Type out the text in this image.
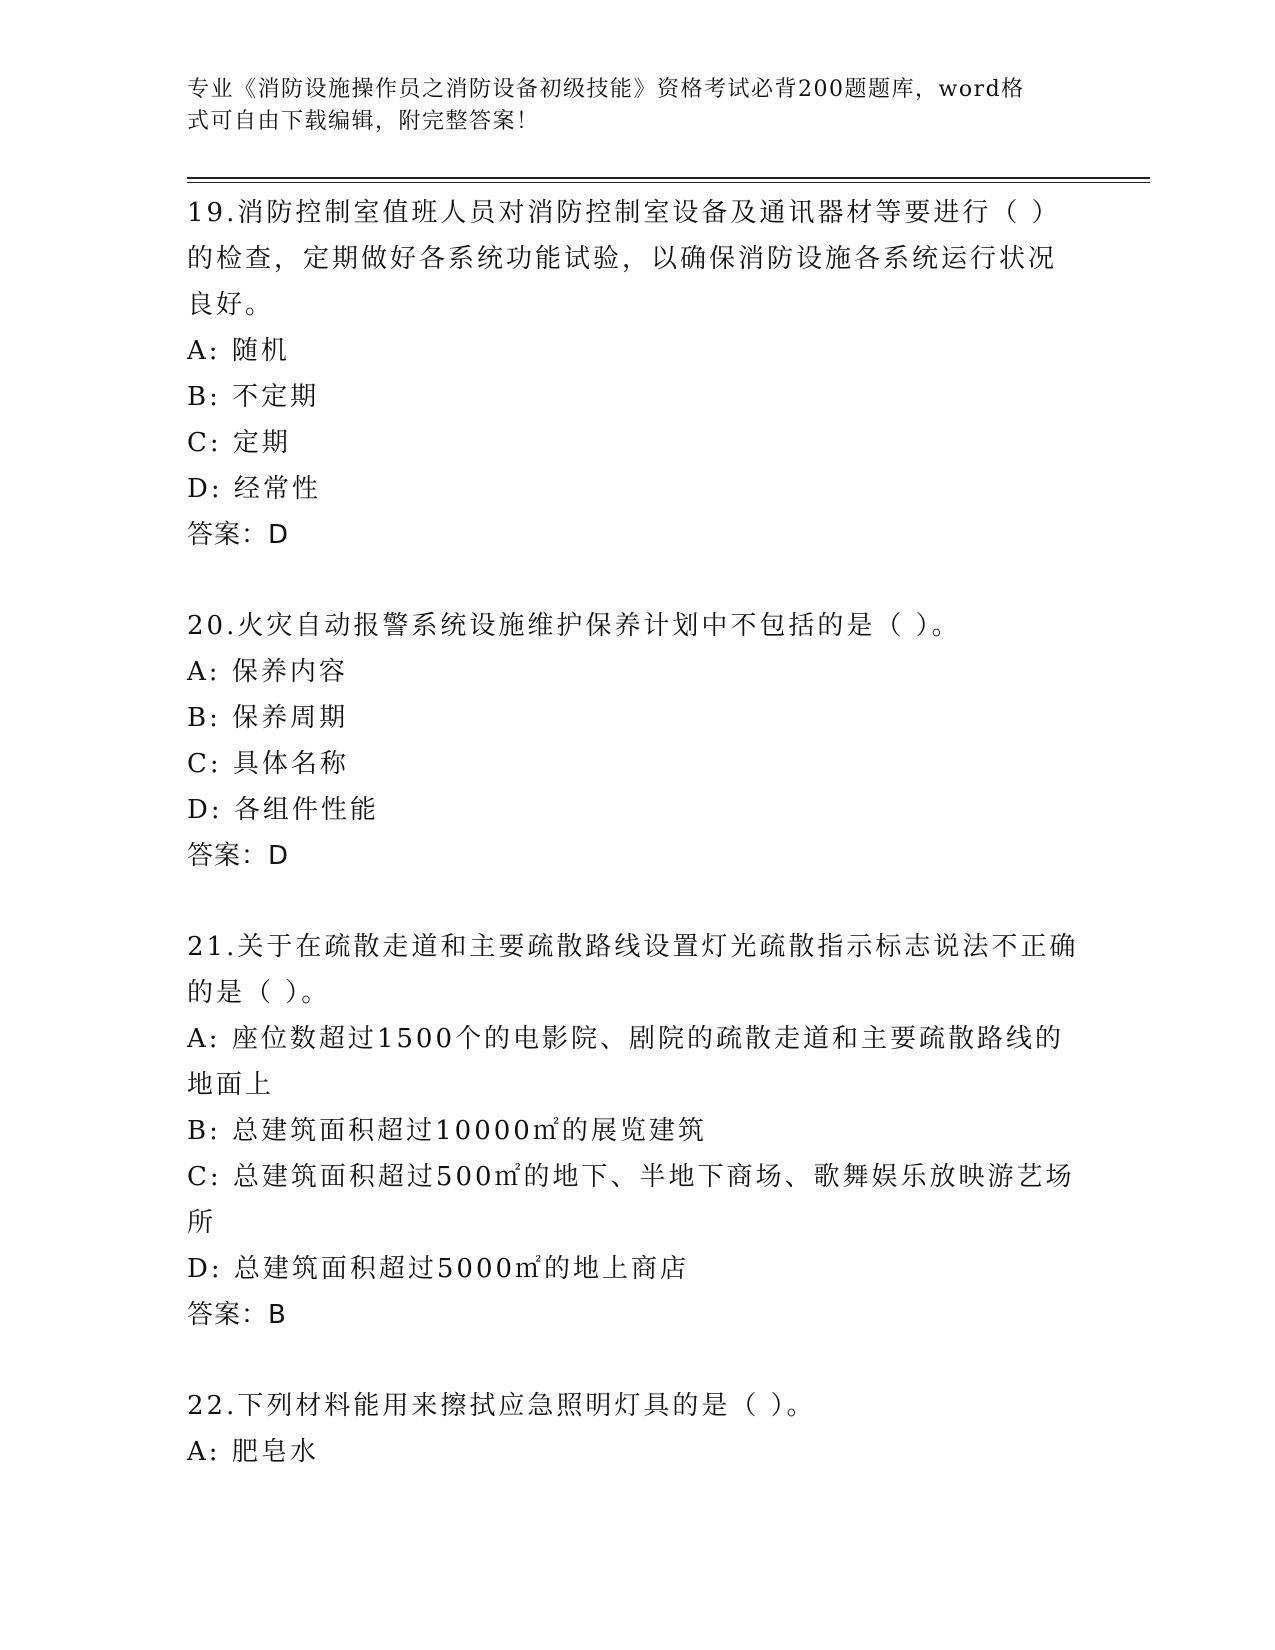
专业《消防设施操作员之消防设备初级技能》资格考试必背200题题库，word格
式可自由下载编辑，附完整答案！
19.消防控制室值班人员对消防控制室设备及通讯器材等要进行（ ）
的检查，定期做好各系统功能试验，以确保消防设施各系统运行状况
良好。
A: 随机
B: 不定期
C: 定期
D: 经常性
答案：D
20.火灾自动报警系统设施维护保养计划中不包括的是（ ）。
A: 保养内容
B: 保养周期
C: 具体名称
D: 各组件性能
答案：D
21.关于在疏散走道和主要疏散路线设置灯光疏散指示标志说法不正确
的是（ ）。
A: 座位数超过1500个的电影院、剧院的疏散走道和主要疏散路线的
地面上
B: 总建筑面积超过10000㎡的展览建筑
C: 总建筑面积超过500㎡的地下、半地下商场、歌舞娱乐放映游艺场
所
D: 总建筑面积超过5000㎡的地上商店
答案：B
22.下列材料能用来擦拭应急照明灯具的是（ ）。
A: 肥皂水
